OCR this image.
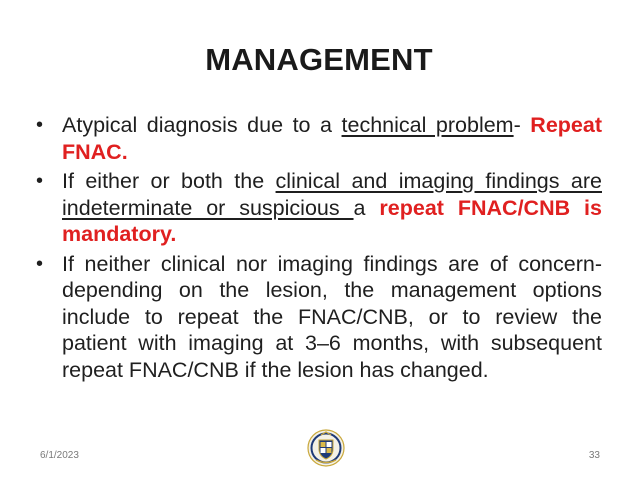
MANAGEMENT
• Atypical diagnosis due to a technical problem- Repeat FNAC.
• If either or both the clinical and imaging findings are indeterminate or suspicious a repeat FNAC/CNB is mandatory.
• If neither clinical nor imaging findings are of concern-depending on the lesion, the management options include to repeat the FNAC/CNB, or to review the patient with imaging at 3–6 months, with subsequent repeat FNAC/CNB if the lesion has changed.
6/1/2023	33
